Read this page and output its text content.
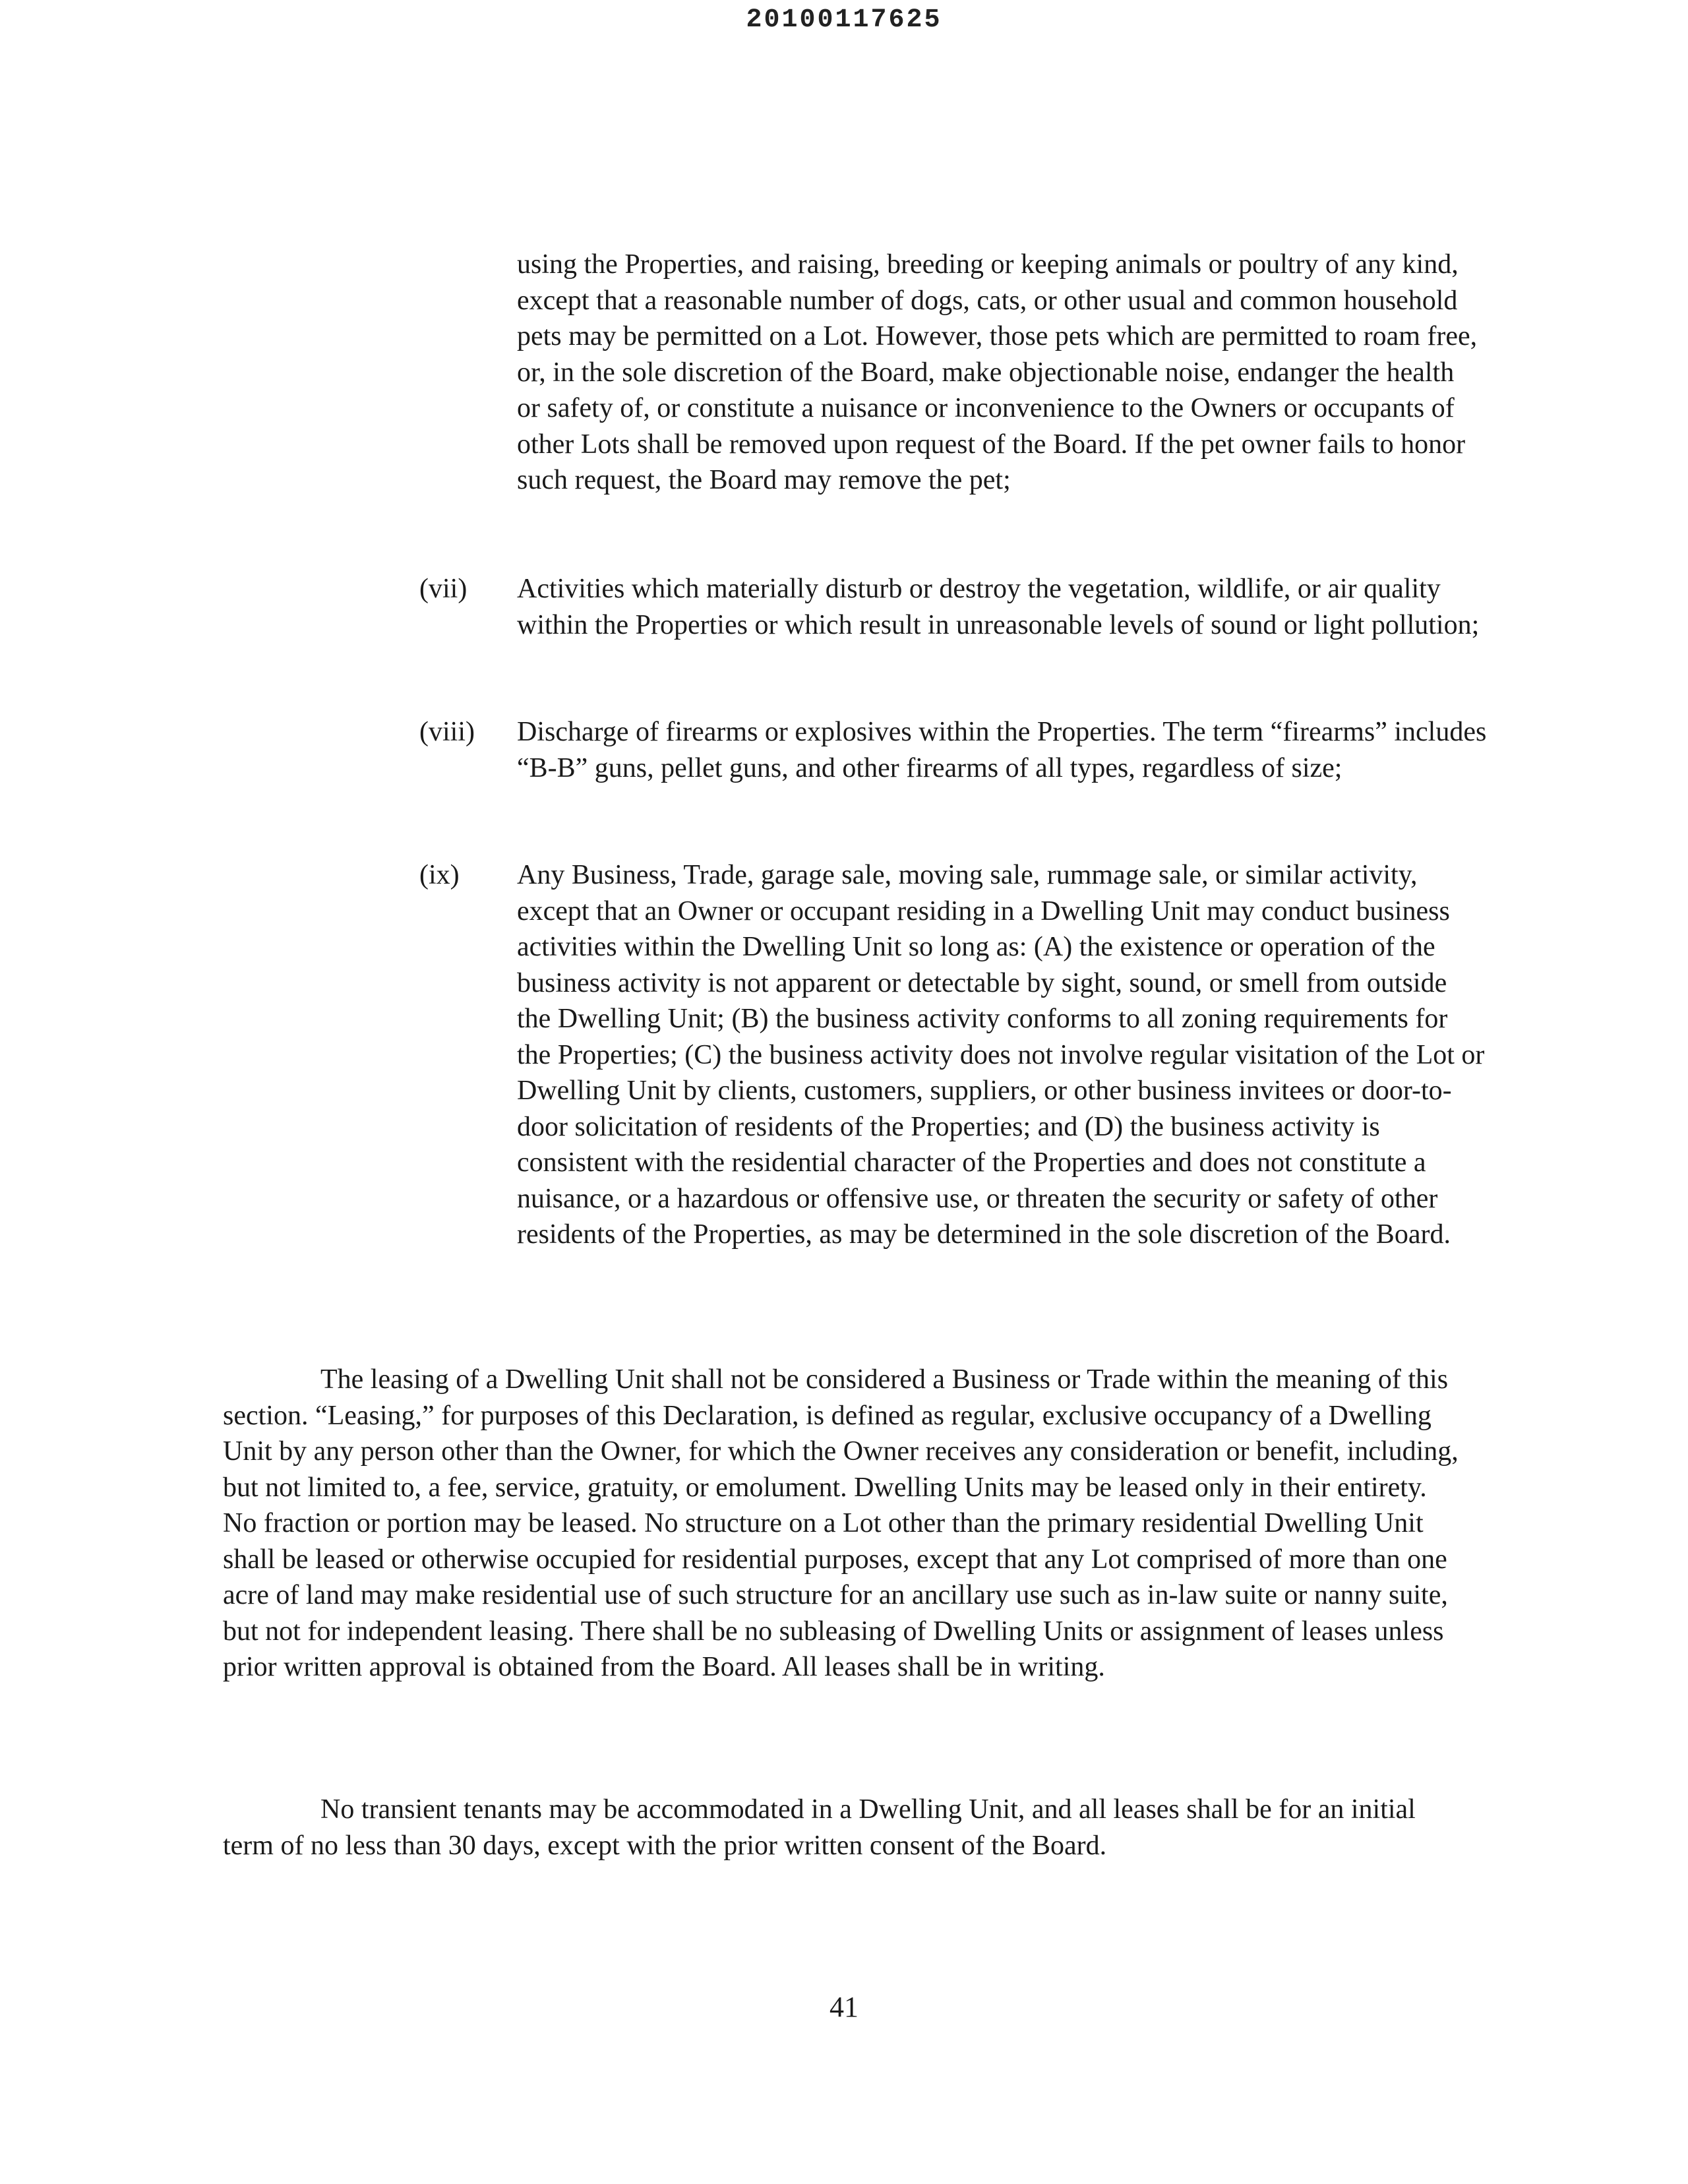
20100117625

using the Properties, and raising, breeding or keeping animals or poultry of any kind, except that a reasonable number of dogs, cats, or other usual and common household pets may be permitted on a Lot. However, those pets which are permitted to roam free, or, in the sole discretion of the Board, make objectionable noise, endanger the health or safety of, or constitute a nuisance or inconvenience to the Owners or occupants of other Lots shall be removed upon request of the Board. If the pet owner fails to honor such request, the Board may remove the pet;

(vii) Activities which materially disturb or destroy the vegetation, wildlife, or air quality within the Properties or which result in unreasonable levels of sound or light pollution;

(viii) Discharge of firearms or explosives within the Properties. The term “firearms” includes “B-B” guns, pellet guns, and other firearms of all types, regardless of size;

(ix) Any Business, Trade, garage sale, moving sale, rummage sale, or similar activity, except that an Owner or occupant residing in a Dwelling Unit may conduct business activities within the Dwelling Unit so long as: (A) the existence or operation of the business activity is not apparent or detectable by sight, sound, or smell from outside the Dwelling Unit; (B) the business activity conforms to all zoning requirements for the Properties; (C) the business activity does not involve regular visitation of the Lot or Dwelling Unit by clients, customers, suppliers, or other business invitees or door-to-door solicitation of residents of the Properties; and (D) the business activity is consistent with the residential character of the Properties and does not constitute a nuisance, or a hazardous or offensive use, or threaten the security or safety of other residents of the Properties, as may be determined in the sole discretion of the Board.

The leasing of a Dwelling Unit shall not be considered a Business or Trade within the meaning of this section. “Leasing,” for purposes of this Declaration, is defined as regular, exclusive occupancy of a Dwelling Unit by any person other than the Owner, for which the Owner receives any consideration or benefit, including, but not limited to, a fee, service, gratuity, or emolument. Dwelling Units may be leased only in their entirety. No fraction or portion may be leased. No structure on a Lot other than the primary residential Dwelling Unit shall be leased or otherwise occupied for residential purposes, except that any Lot comprised of more than one acre of land may make residential use of such structure for an ancillary use such as in-law suite or nanny suite, but not for independent leasing. There shall be no subleasing of Dwelling Units or assignment of leases unless prior written approval is obtained from the Board. All leases shall be in writing.

No transient tenants may be accommodated in a Dwelling Unit, and all leases shall be for an initial term of no less than 30 days, except with the prior written consent of the Board.

41
